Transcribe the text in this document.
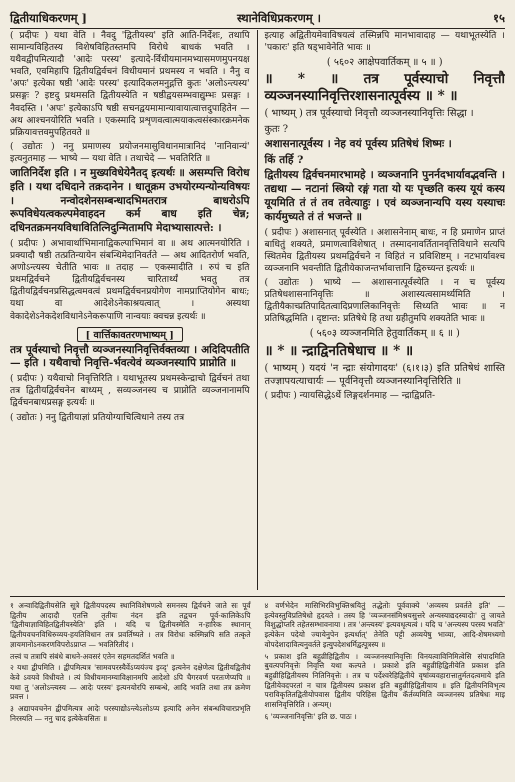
द्वितीयाधिकरणम् ]	स्थानेविधिप्रकरणम् ।	१५
( प्रदीपः ) यथा वेति । नैवदु 'द्वितीयस्य' इति आति-निर्देशः, तथापि सामान्यविहितस्य विशेषविहितस्तमपि विरोधे बाधकं भवति । यथैवद्वीपमित्यादौ 'आदेः परस्य' इत्यादे-र्विधीयमानमभ्यासमणमुपनयक्ष भवति, एवमिहापि द्वितीयद्विर्वचनं विधीयमानं प्रथमस्य न भवति । नैनु व 'अपः' इत्येका षष्ठी 'आदेः परस्य' इत्यादिकलमनुद्गत्ति कुतः 'अलोऽन्त्यस्य' प्रसङ्गः ? इष्टदु प्रथमसति द्वितीयस्येति न षष्ठीद्वयसम्भवाद्युम्भः प्रसङ्गः । नैवदस्ति । 'अपः' इत्येकाऽपि षष्ठी सचनद्वयमामान्यावायात्वात्तदुपाहितेन — अथ आश्चनयोरिति भवति । एकस्मादि प्रशृणवत्वात्मयाकत्वसंस्कारक्रमनेक प्रक्रियावत्तवमुपहितवते ॥
( उद्योतः ) ननु प्रमाणस्य प्रयोजनमासुविधानमात्रानिदं 'नानिवान्यं' इत्यनुतमाह — भाष्ये — यथा वेति । तथाचेदे — भवतिरिति ॥
जातिनिर्देश इति । न मुख्यविधेयेनैतद् इत्यर्थः ॥ असम्पत्ति विरोध इति । यथा दधिदाने तक्रदानेन । धातूक्रम उभयोरम्यन्योन्यविषयः । नन्वोदशेनसम्बन्धादभिमतरात्र बाधरोऽपि रूपविधेयत्वकल्पमेवाहदन कर्म बाध इति चेन्न; दधिनतक्रमनयविधावितित्निदुन्मितामपि मेदाभ्यासात्पत्ते: ।
( प्रदीपः ) अभावार्थाभिमानाद्विकल्पाभिमानं वा ॥ अथ आत्मनयोरिति । प्रक्यादौ षष्ठी तत्प्रतिन्यायेन संबन्धिमेदानिवर्तते — अथ आदितरोर्ण भवति, अणोऽन्त्यस्य चेतीति भावः ॥ तदाह — एकस्मादीति । रुपं च इति प्रथमद्विर्वचने द्वितीयद्विर्वचनस्य चारितार्थ्यं भवतु तत्र द्वितीयद्विर्वचनप्रसिद्धत्वमवत्वं प्रथमद्विर्वचनप्रयोगेण नामप्राप्तियोगेन बाधः; यथा वा आदेशेऽनेकाश्रयत्वात् । अस्यथा वेकादेशेऽनेकदेशविधानेऽनेकरूपाणि नान्वयाः क्वचन्न इत्यर्थः ॥
[ वार्त्तिकावतरणभाष्यम् ]
तत्र पूर्वस्याचो निवृत्तौ व्यञ्जनस्यानिवृत्तिर्वक्तव्या । अदिदिपतीति — इति । यथैवाचो निवृत्ति-र्भवत्येवं व्यञ्जनस्यापि प्राप्नोति ॥
( प्रदीपः ) यथैवाचो निवृत्तिरिति । यथाभूतस्य प्रथमस्केन्द्राचो द्विर्वचनं तथा तत्र द्वितीयद्विर्वचनेन बाध्यम् , सव्यञ्जनस्य च प्राप्नोति व्यञ्जनानामपि द्विर्वचनबाधप्रसङ्ग इत्यर्थः ॥
( उद्योतः ) ननु द्वितीयाज्ञां प्रतियोग्याचित्विधाने तस्य तत्र
इत्याह अद्वितीयमेवाविषयत्वं तस्मिन्नपि मानभावादाह — यथाभूतस्येति । 'पकारः' इति षड्भावेनेति भावः ॥
( ५६०२ आक्षेपवार्तिकम् ॥ ५ ॥ )
॥ * ॥ तत्र पूर्वस्याचो निवृत्तौ व्यञ्जनस्यानिवृत्तिरशासनात्पूर्वस्य ॥ * ॥
( भाष्यम् ) तत्र पूर्वस्याचो निवृत्तौ व्यञ्जनस्यानिवृत्तिः सिद्धा ।
कुतः ?
अशासनात्पूर्वस्य । नेह वयं पूर्वस्य प्रतिषेधं शिष्मः ।
किं तर्हि ?
द्वितीयस्य द्विर्वचनमारभामहे । व्यञ्जनानि पुनर्नदभार्यावद्भवन्ति । तद्यथा — नटानां स्त्रियो रङ्गं गता यो यः पृच्छति कस्य यूयं कस्य यूयमिति तं तं तव तवेत्याहुः । एवं व्यञ्जनान्यपि यस्य यस्याचः कार्यमुच्यते तं तं भजन्ते ॥
( प्रदीपः ) अशासनात् पूर्वस्येति । अशासनेनाम् बाधः, न हि प्रमाणेन प्राप्तं बाधितुं शक्यते, प्रमाणत्वाविशेषात् । तस्मादनावर्तितानवृत्तिविधाने सत्यपि स्थितमेव द्वितीयस्य प्रथमद्विर्वचने न विहितं न प्रविशिष्टम् । नटभार्यावश्च व्यञ्जनानि भवन्तीति द्वितीयेकाजन्तर्भावात्तानि द्विरुच्यन्त इत्यर्थः ॥
( उद्योतः ) भाष्ये — अशासनात्पूर्वस्येति । न च पूर्वस्य प्रतिषेधशासनानिवृत्तिः ॥ अशास्यत्वसामर्थ्यमिति । द्वितीयैकाच्प्रतिपादितत्वादिप्रणालिकानिवृत्तेः सिध्यति भावः ॥ न प्रतिषिद्धमिति । दृष्टान्त: प्रतिषेधे हि तथा ग्रहीतुमपि शक्यतेति भावः ॥
( ५६०३ व्यञ्जनमिति हेतुवार्तिकम् ॥ ६ ॥ )
॥ * ॥ न्द्राद्विनतिषेधाच ॥ * ॥
( भाष्यम् ) यदयं 'न न्द्राः संयोगादयः' (६।१।३) इति प्रतिषेधं शास्ति तज्ज्ञापयत्याचार्यः — पूर्वनिवृत्तौ व्यञ्जनस्यानिवृत्तिरिति ॥
( प्रदीपः ) न्यायसिद्धेऽर्थे लिङ्गदर्शनमाह — न्द्राद्विप्रति-
१ अन्वादिद्वितीयसेति सूत्रे द्वितीयपदस्य स्थानिविशेषणत्वे समनस्य द्विर्वचने जाते सः पूर्वं द्वितीय आदादौ एतत्ति तृतीयः नंदन इति तद्वचन पूर्व-कालिकेऽपि 'द्वितीयाज्ञाविहितद्वितीयस्येति' इति । यदि च द्वितीयस्मेति न-हारिक स्थानान् द्वितीयवचनविधिरुव्यय-हयतिविधान तत्र प्रवर्तिष्यते । तत्र विरोधः कस्मिन्नपि सति तत्कृते ज्ञायमानोऽनकरणविपरोऽप्राप्त — भवतिरितीदं ।
तत्त्वं च तत्रापि संबंधे बाधने-अवसरं एतेन सहमतदर्शितं भवति ॥
२ यथा द्वीपमिति । द्वीपमित्यत्र 'सामवपरस्यैर्वेऽप्ययंज्य इव्द्' इत्यनेन दक्षेणेत्व द्वितीयद्वितीयं केवे ऽवयवे विधीयते । त्यं विधीयमानम्याविक्षानमपि आदेशो ऽपि चैगरवर्ण परतःणेप्यपि ॥ यथा तु 'अलोऽन्त्यस्य — आदेः परस्य' इत्यनयोरपि सम्बन्धे, आदि भवति तथा तत्र क्रमेण प्रवत्त ।
३ अद्यापवचनेन द्वीपमित्यत्र आदेः परस्याद्योऽन्त्येऽलोऽप्य इत्यादि अनेन संबन्धविचारप्रभृति निरस्यति — ननु चाद इत्येकेवसितः ॥
४ वर्णभेदेन मासिभिरविभुक्तिश्रयितुं तद्धेतोः पूर्ववाक्ये 'अव्यस्य प्रवर्तते इति' — इत्येवस्तुविप्रतिषेधो हृदयते । तस्य हि 'व्यञ्जनसंमिश्रयसुत्तरे अन्यस्याद्यदस्यादोः' तु जायते विशुद्धोप्तरि तहेतसम्भावनाया । तत्र 'अन्त्यस्य' इत्यवधृत्यत्वं । यदि च 'अन्त्यस्य परस्य भवति' इत्येकेन पदेयो ज्यायेनुपेन इत्यर्थात्' तेनेति पट्टी अव्ययेषु भाव्या, आदि-शेषमध्यगो वोपदेशादावित्यनुवर्तते इत्युपदेशधर्मिद्वत्पूत्रस्य ॥
५ प्रकाश इति बहुव्रीहिद्वितीय । व्यञ्जनस्यानिवृत्तिः विनयत्वाविनिमित्वेसि संपादमिति बुवत्यपनिवृत्तेः निवृत्ति यथा कल्पते । प्रकाशे इति बहुव्रीहिद्वितीयेति प्रकाश इति बहुव्रीहिद्वितीयस्य नितिनिवृत्तेः । तत्र च पर्देश्वरेहिद्वितीये वृषांव्यवहारात्तातुर्मतदत्वमाये इति द्वितीयेवदपरतां न चात्र द्वितीयस्य प्रकाश इति बहुव्रीहिद्वितीयाय ॥ इति द्वितीयनिविभृत्य पराविकृतितद्वितीयोपवास द्वितीय परिहिस द्वितीय कॅर्तव्यमिति व्यञ्जनस्य प्रतिषेधः माइ शासनिवृत्तिरिति । अन्यम्।
६ 'व्यञ्जनानिवृत्तिः' इति छ. पाठः ।
